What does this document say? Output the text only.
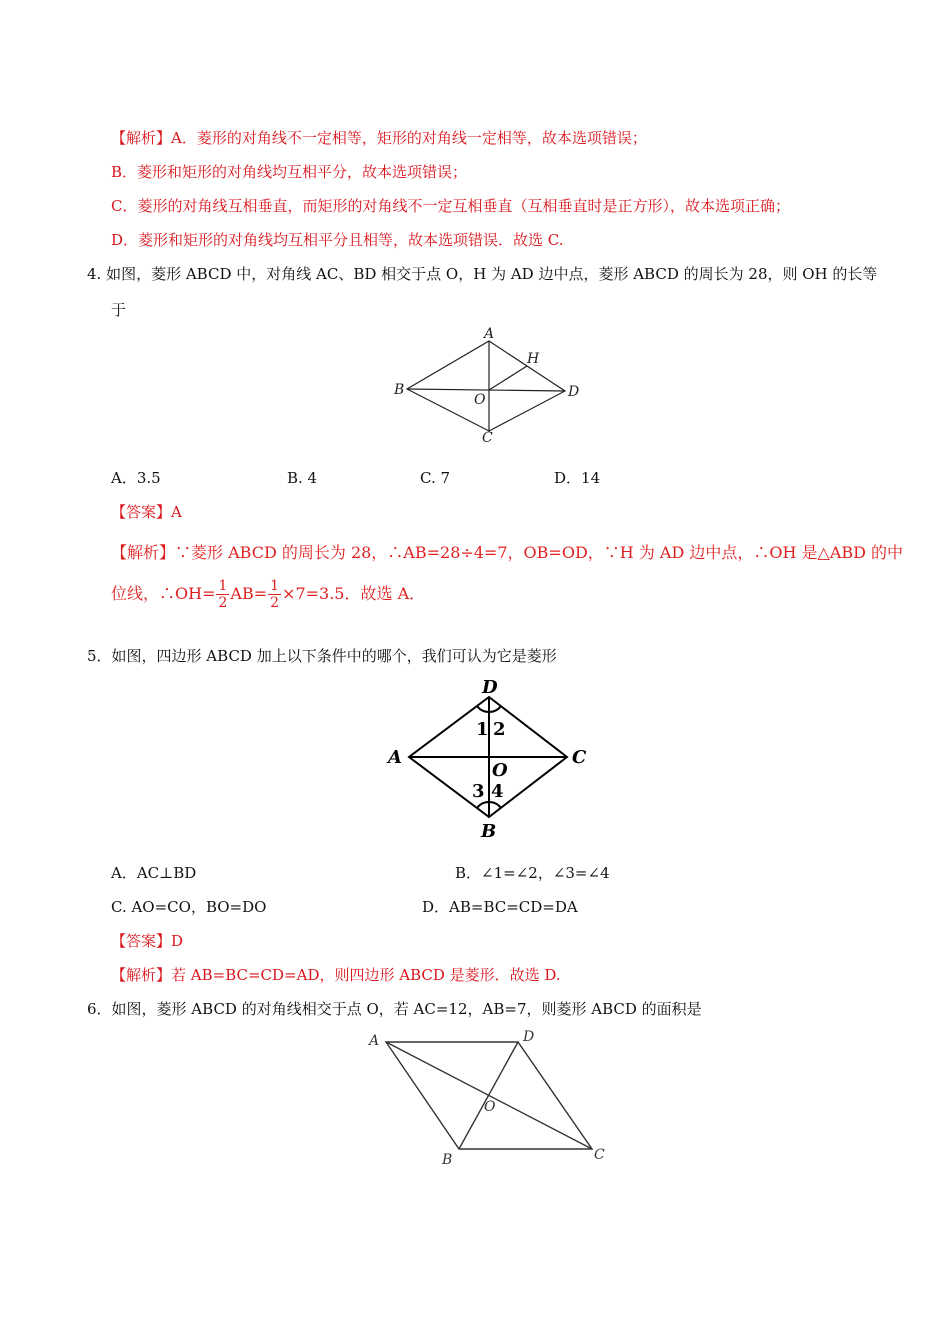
【解析】A．菱形的对角线不一定相等，矩形的对角线一定相等，故本选项错误；
B．菱形和矩形的对角线均互相平分，故本选项错误；
C．菱形的对角线互相垂直，而矩形的对角线不一定互相垂直（互相垂直时是正方形），故本选项正确；
D．菱形和矩形的对角线均互相平分且相等，故本选项错误．故选 C.
4. 如图，菱形 ABCD 中，对角线 AC、BD 相交于点 O，H 为 AD 边中点，菱形 ABCD 的周长为 28，则 OH 的长等
于
A
H
B	D
O
C
A．3.5	B. 4	C. 7	D．14
【答案】A
【解析】∵菱形 ABCD 的周长为 28，∴AB=28÷4=7，OB=OD，∵H 为 AD 边中点，∴OH 是△ABD 的中
位线，∴OH= $\frac{1}{2} AB= \frac{1}{2} \times 7=3.5$．故选 A．
5．如图，四边形 ABCD 加上以下条件中的哪个，我们可认为它是菱形
D
1 2
A	C
O
3 4
B
A．AC⊥BD	B．∠1=∠2，∠3=∠4
C. AO=CO，BO=DO	D．AB=BC=CD=DA
【答案】D
【解析】若 AB=BC=CD=AD，则四边形 ABCD 是菱形．故选 D.
6．如图，菱形 ABCD 的对角线相交于点 O，若 AC=12，AB=7，则菱形 ABCD 的面积是
A	D
O
B	C
